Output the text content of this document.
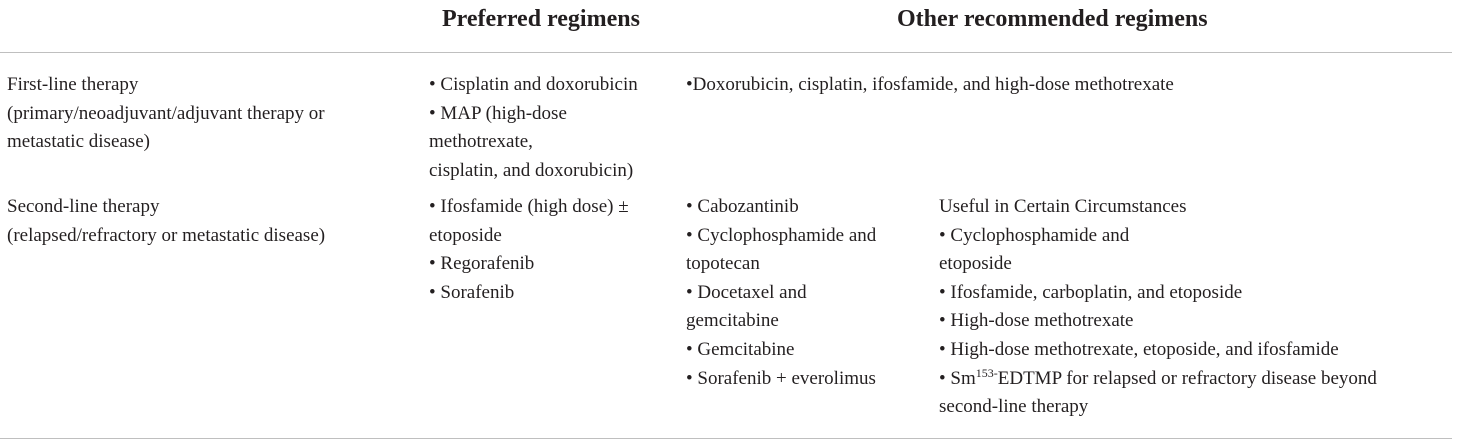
Preferred regimens	Other recommended regimens
First-line therapy
(primary/neoadjuvant/adjuvant therapy or
metastatic disease)
• Cisplatin and doxorubicin
• MAP (high-dose
methotrexate,
cisplatin, and doxorubicin)
•Doxorubicin, cisplatin, ifosfamide, and high-dose methotrexate
Second-line therapy
(relapsed/refractory or metastatic disease)
• Ifosfamide (high dose) ±
etoposide
• Regorafenib
• Sorafenib
• Cabozantinib
• Cyclophosphamide and
topotecan
• Docetaxel and
gemcitabine
• Gemcitabine
• Sorafenib + everolimus
Useful in Certain Circumstances
• Cyclophosphamide and
etoposide
• Ifosfamide, carboplatin, and etoposide
• High-dose methotrexate
• High-dose methotrexate, etoposide, and ifosfamide
• $Sm^{153-}EDTMP$ for relapsed or refractory disease beyond
second-line therapy
